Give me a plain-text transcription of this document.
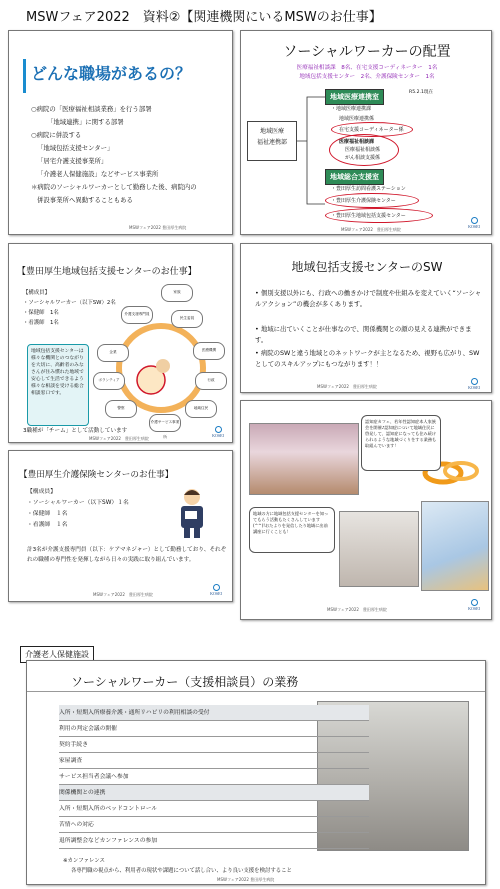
MSWフェア2022　資料②【関連機関にいるMSWのお仕事】
どんな職場があるの？
○病院の「医療福祉相談業務」を行う部署
「地域連携」に関する部署
○病院に併設する
「地域包括支援センター」
「居宅介護支援事業所」
「介護老人保健施設」などサービス事業所
＊病院のソーシャルワーカーとして勤務した後、病院内の
併設事業所へ異動することもある
MSWフェア2022 豊田厚生病院
ソーシャルワーカーの配置
医療福祉相談課　8名、在宅支援コーディネーター　1名
地域包括支援センター　2名、介護保険センター　1名
R5.2.1現在
地域医療
福祉連携部
地域医療連携室
・地域医療連携課
地域医療連携係
在宅支援コーディネーター係
医療福祉相談課
医療福祉相談係
がん相談支援係
地域総合支援室
・豊田厚生訪問看護ステーション
・豊田厚生介護保険センター
・豊田厚生地域包括支援センター
MSWフェア2022　豊田厚生病院
KOSEI
【豊田厚生地域包括支援センターのお仕事】
【構成員】
・ソーシャルワーカー（以下SW）2名
・保健師　1名
・看護師　1名
地域包括支援センターは様々な機関とのつながりを大切に、高齢者のみなさんが住み慣れた地域で安心して生活できるよう様々な相談を受ける総合相談窓口です。
介護支援専門員
民生委員
医療機関
行政
地域住民
介護サービス事業所
警察
ボランティア
企業
家族
3職種が「チーム」として活動しています
MSWフェア2022　豊田厚生病院
KOSEI
地域包括支援センターのSW
• 個別支援以外にも、行政への働きかけで制度や仕組みを変えていく“ソーシャルアクション”の機会が多くあります。
• 地域に出ていくことが仕事なので、関係機関との顔の見える連携ができます。
• 病院のSWと違う地域とのネットワークが主となるため、視野も広がり、SWとしてのスキルアップにもつながります！！
MSWフェア2022　豊田厚生病院	KOSEI
【豊田厚生介護保険センターのお仕事】
【構成員】
・ソーシャルワーカー（以下SW）１名
・保健師　１名
・看護師　１名
計3名が介護支援専門員（以下：ケアマネジャー）として勤務しており、それぞれの職種の専門性を発揮しながら日々の実践に取り組んでいます。
MSWフェア2022　豊田厚生病院	KOSEI
認知症カフェ、若年性認知症本人家族会を開催♪認知症について地域住民に啓発して、認知症になっても住み続けられるような地域づくりをする業務も取組んでいます！
地域の方に地域包括支援センターを知ってもらう活動もたくさんしています(^^)!おたよりを発信したり地域に出前講座に行くことも！
MSWフェア2022　豊田厚生病院	KOSEI
介護老人保健施設
ソーシャルワーカー（支援相談員）の業務
入所・短期入所療養介護・通所リハビリの利用相談の受付
利用の判定会議の開催
契約手続き
家屋調査
サービス担当者会議へ参加
関係機関との連携
入所・短期入所のベッドコントロール
苦情への対応
退所調整会などカンファレンスの参加
※カンファレンス
各専門職の視点から、利用者の現状や課題について話し合い、より良い支援を検討すること
MSWフェア2022 豊田厚生病院
